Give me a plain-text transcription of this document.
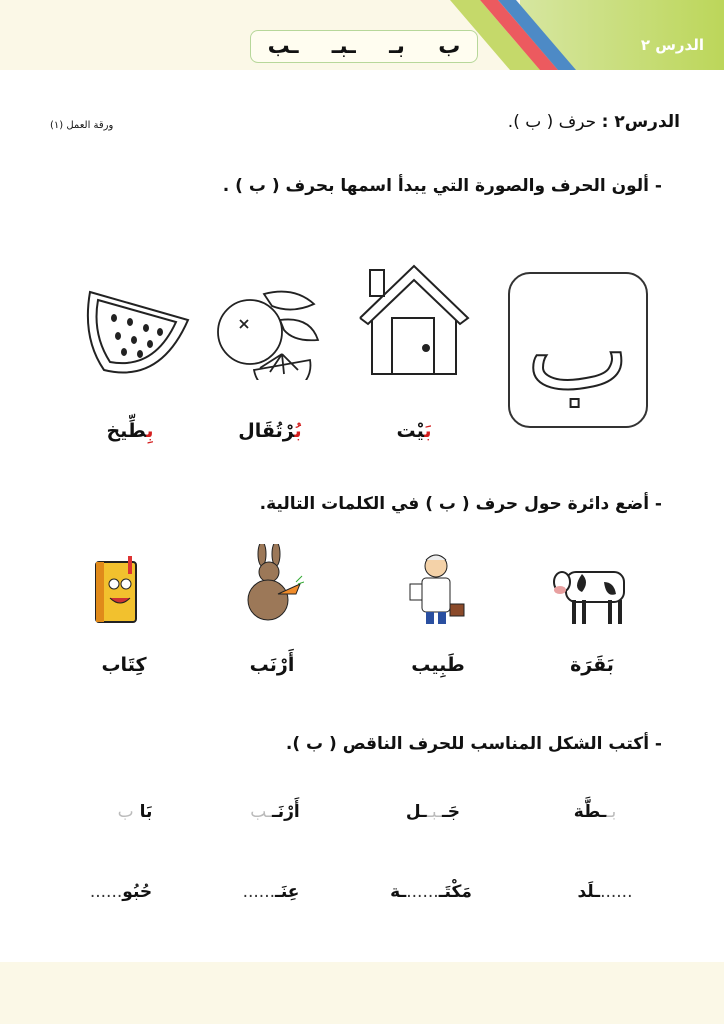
الدرس ٢
ب
بـ
ـبـ
ـب
الدرس٢ : حرف ( ب ).
ورقة العمل (١)
- ألون الحرف والصورة التي يبدأ اسمها بحرف ( ب ) .
ب
بَيْت
بُرْتُقَال
بِطِّيخ
- أضع دائرة حول حرف ( ب ) في الكلمات التالية.
بَقَرَة
طَبِيب
أَرْنَب
كِتَاب
- أكتب الشكل المناسب للحرف الناقص ( ب ).
بــطَّة
جَــبــل
أَرْنَــب
بَا ب
......ـلَد
مَكْتَـ......ـة
عِنَـ......
حُبُو......
